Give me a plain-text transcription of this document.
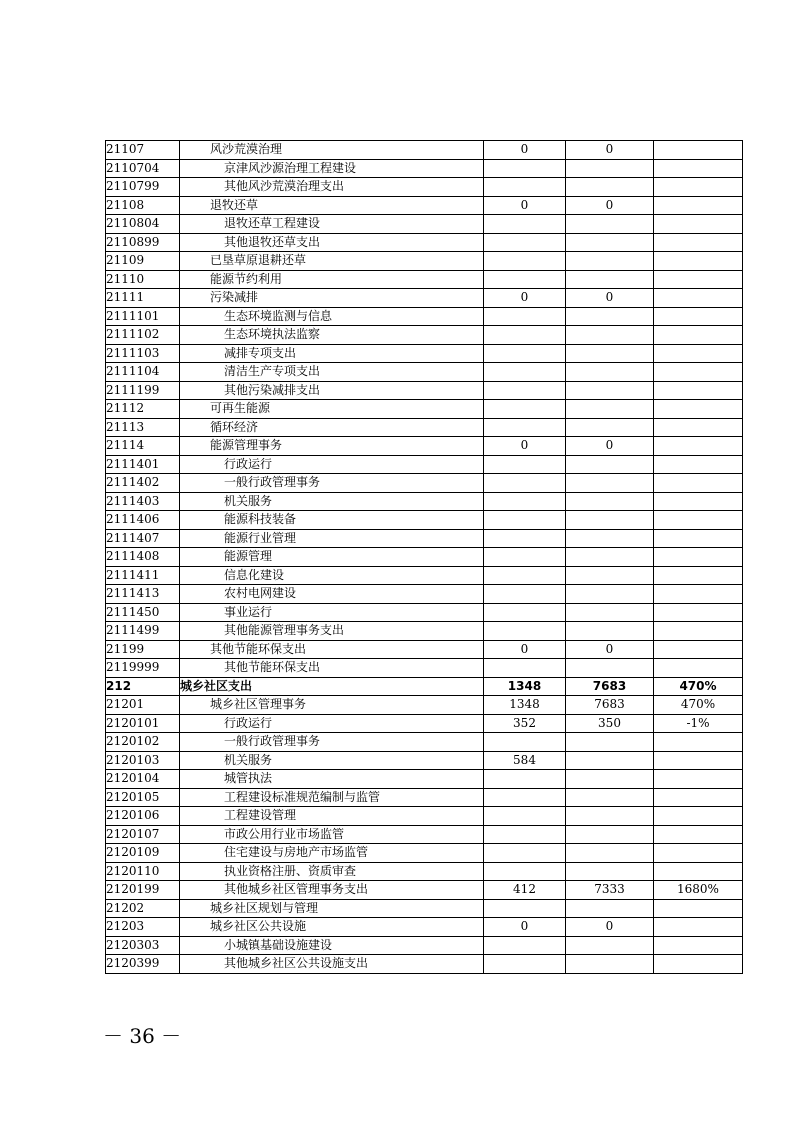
21107	风沙荒漠治理	0	0	
2110704	京津风沙源治理工程建设			
2110799	其他风沙荒漠治理支出			
21108	退牧还草	0	0	
2110804	退牧还草工程建设			
2110899	其他退牧还草支出			
21109	已垦草原退耕还草			
21110	能源节约利用			
21111	污染减排	0	0	
2111101	生态环境监测与信息			
2111102	生态环境执法监察			
2111103	减排专项支出			
2111104	清洁生产专项支出			
2111199	其他污染减排支出			
21112	可再生能源			
21113	循环经济			
21114	能源管理事务	0	0	
2111401	行政运行			
2111402	一般行政管理事务			
2111403	机关服务			
2111406	能源科技装备			
2111407	能源行业管理			
2111408	能源管理			
2111411	信息化建设			
2111413	农村电网建设			
2111450	事业运行			
2111499	其他能源管理事务支出			
21199	其他节能环保支出	0	0	
2119999	其他节能环保支出			
212	城乡社区支出	1348	7683	470%
21201	城乡社区管理事务	1348	7683	470%
2120101	行政运行	352	350	-1%
2120102	一般行政管理事务			
2120103	机关服务	584		
2120104	城管执法			
2120105	工程建设标准规范编制与监管			
2120106	工程建设管理			
2120107	市政公用行业市场监管			
2120109	住宅建设与房地产市场监管			
2120110	执业资格注册、资质审查			
2120199	其他城乡社区管理事务支出	412	7333	1680%
21202	城乡社区规划与管理			
21203	城乡社区公共设施	0	0	
2120303	小城镇基础设施建设			
2120399	其他城乡社区公共设施支出			
－ 36 －
